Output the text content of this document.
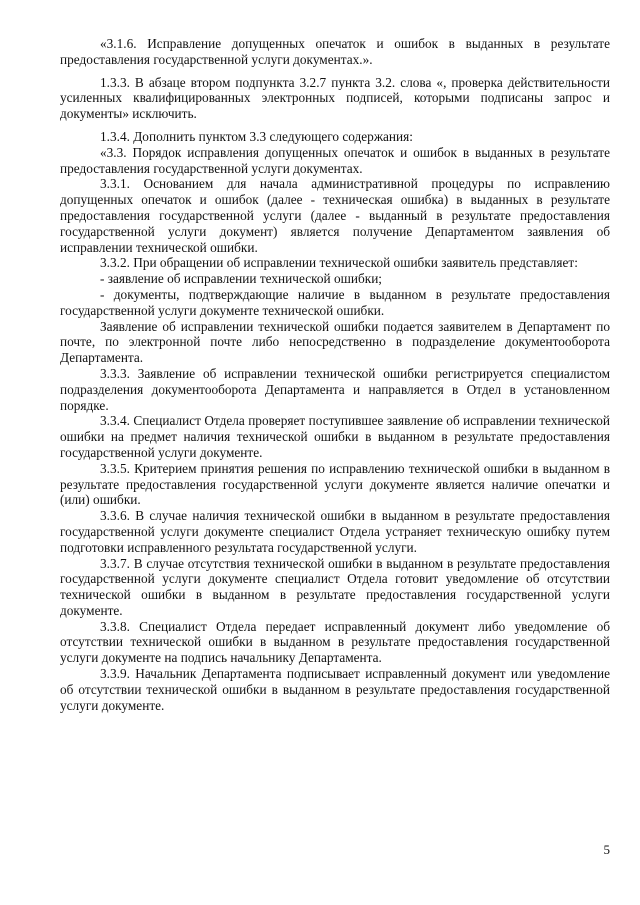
«3.1.6. Исправление допущенных опечаток и ошибок в выданных в результате предоставления государственной услуги документах.».

1.3.3. В абзаце втором подпункта 3.2.7 пункта 3.2. слова «, проверка действительности усиленных квалифицированных электронных подписей, которыми подписаны запрос и документы» исключить.

1.3.4. Дополнить пунктом 3.3 следующего содержания:

«3.3. Порядок исправления допущенных опечаток и ошибок в выданных в результате предоставления государственной услуги документах.

3.3.1. Основанием для начала административной процедуры по исправлению допущенных опечаток и ошибок (далее - техническая ошибка) в выданных в результате предоставления государственной услуги (далее - выданный в результате предоставления государственной услуги документ) является получение Департаментом заявления об исправлении технической ошибки.

3.3.2. При обращении об исправлении технической ошибки заявитель представляет:

- заявление об исправлении технической ошибки;

- документы, подтверждающие наличие в выданном в результате предоставления государственной услуги документе технической ошибки.

Заявление об исправлении технической ошибки подается заявителем в Департамент по почте, по электронной почте либо непосредственно в подразделение документооборота Департамента.

3.3.3. Заявление об исправлении технической ошибки регистрируется специалистом подразделения документооборота Департамента и направляется в Отдел в установленном порядке.

3.3.4. Специалист Отдела проверяет поступившее заявление об исправлении технической ошибки на предмет наличия технической ошибки в выданном в результате предоставления государственной услуги документе.

3.3.5. Критерием принятия решения по исправлению технической ошибки в выданном в результате предоставления государственной услуги документе является наличие опечатки и (или) ошибки.

3.3.6. В случае наличия технической ошибки в выданном в результате предоставления государственной услуги документе специалист Отдела устраняет техническую ошибку путем подготовки исправленного результата государственной услуги.

3.3.7. В случае отсутствия технической ошибки в выданном в результате предоставления государственной услуги документе специалист Отдела готовит уведомление об отсутствии технической ошибки в выданном в результате предоставления государственной услуги документе.

3.3.8. Специалист Отдела передает исправленный документ либо уведомление об отсутствии технической ошибки в выданном в результате предоставления государственной услуги документе на подпись начальнику Департамента.

3.3.9. Начальник Департамента подписывает исправленный документ или уведомление об отсутствии технической ошибки в выданном в результате предоставления государственной услуги документе.

5
